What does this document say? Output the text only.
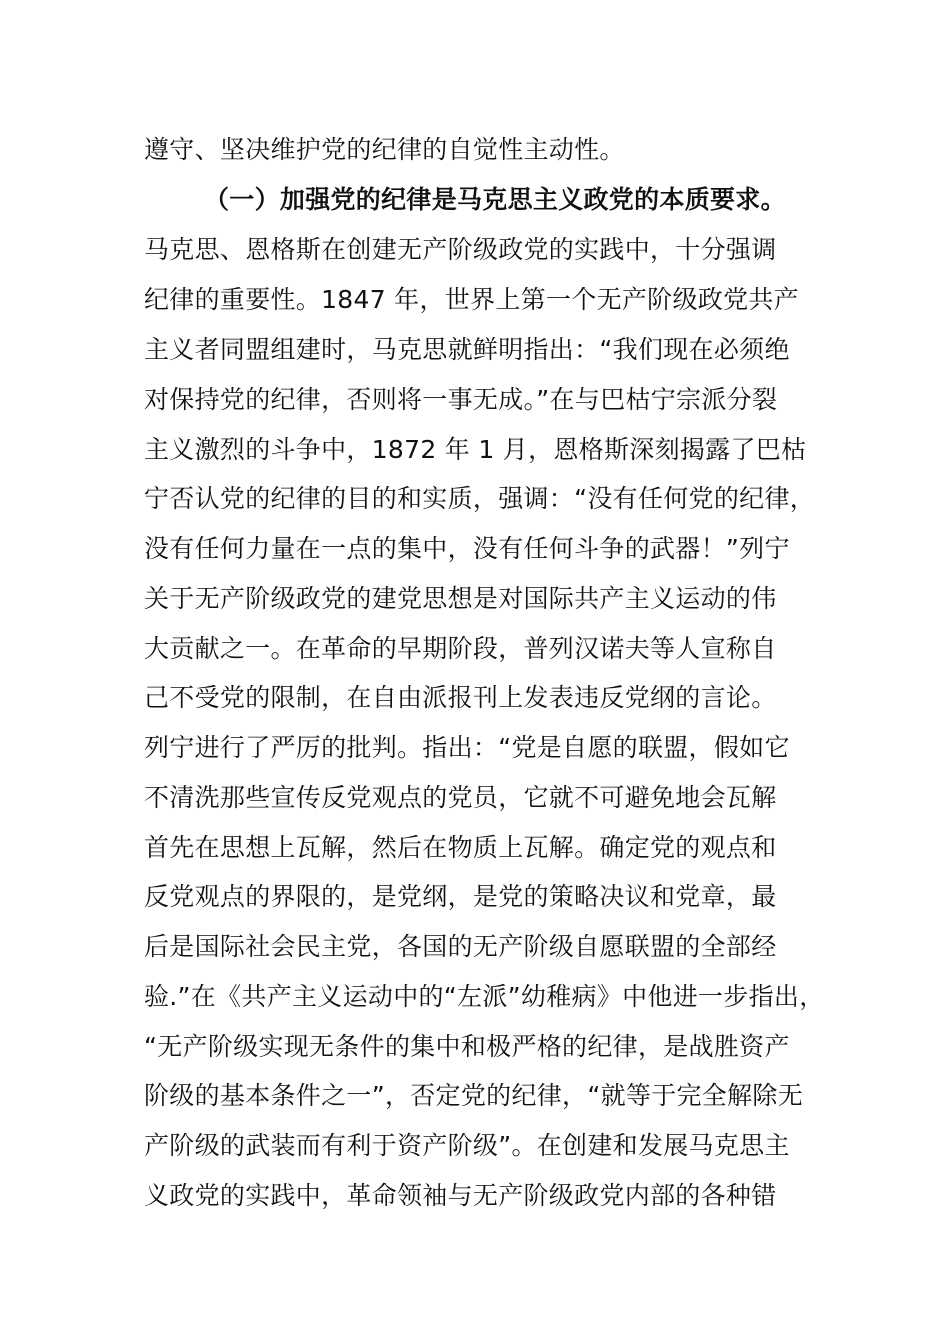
遵守、坚决维护党的纪律的自觉性主动性。
（一）加强党的纪律是马克思主义政党的本质要求。
马克思、恩格斯在创建无产阶级政党的实践中，十分强调
纪律的重要性。1847 年，世界上第一个无产阶级政党共产
主义者同盟组建时，马克思就鲜明指出：“我们现在必须绝
对保持党的纪律，否则将一事无成。”在与巴枯宁宗派分裂
主义激烈的斗争中，1872 年 1 月，恩格斯深刻揭露了巴枯
宁否认党的纪律的目的和实质，强调：“没有任何党的纪律，
没有任何力量在一点的集中，没有任何斗争的武器！”列宁
关于无产阶级政党的建党思想是对国际共产主义运动的伟
大贡献之一。在革命的早期阶段，普列汉诺夫等人宣称自
己不受党的限制，在自由派报刊上发表违反党纲的言论。
列宁进行了严厉的批判。指出：“党是自愿的联盟，假如它
不清洗那些宣传反党观点的党员，它就不可避免地会瓦解
首先在思想上瓦解，然后在物质上瓦解。确定党的观点和
反党观点的界限的，是党纲，是党的策略决议和党章，最
后是国际社会民主党，各国的无产阶级自愿联盟的全部经
验.”在《共产主义运动中的“左派”幼稚病》中他进一步指出，
“无产阶级实现无条件的集中和极严格的纪律，是战胜资产
阶级的基本条件之一”，否定党的纪律，“就等于完全解除无
产阶级的武装而有利于资产阶级”。在创建和发展马克思主
义政党的实践中，革命领袖与无产阶级政党内部的各种错
